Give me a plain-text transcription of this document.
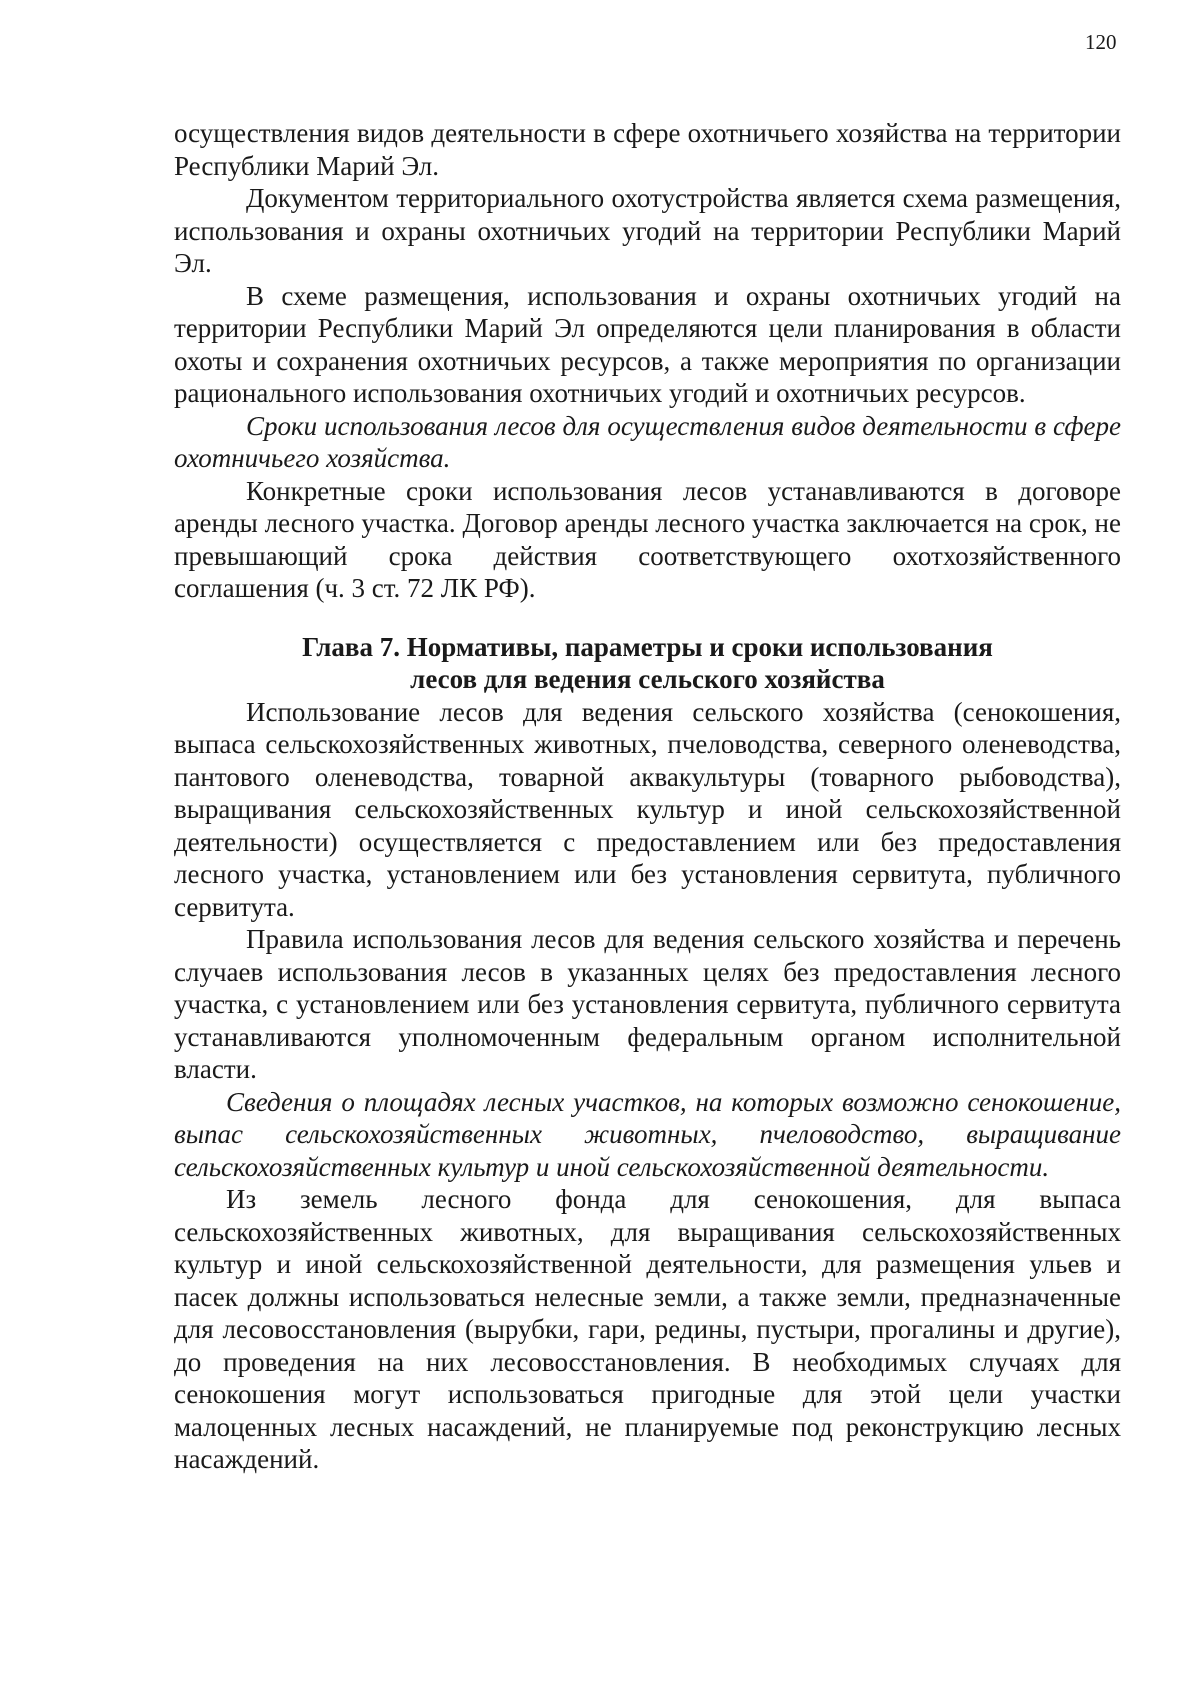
120

осуществления видов деятельности в сфере охотничьего хозяйства на территории Республики Марий Эл.

Документом территориального охотустройства является схема размещения, использования и охраны охотничьих угодий на территории Республики Марий Эл.

В схеме размещения, использования и охраны охотничьих угодий на территории Республики Марий Эл определяются цели планирования в области охоты и сохранения охотничьих ресурсов, а также мероприятия по организации рационального использования охотничьих угодий и охотничьих ресурсов.

Сроки использования лесов для осуществления видов деятельности в сфере охотничьего хозяйства.

Конкретные сроки использования лесов устанавливаются в договоре аренды лесного участка. Договор аренды лесного участка заключается на срок, не превышающий срока действия соответствующего охотхозяйственного соглашения (ч. 3 ст. 72 ЛК РФ).

Глава 7. Нормативы, параметры и сроки использования
лесов для ведения сельского хозяйства

Использование лесов для ведения сельского хозяйства (сенокошения, выпаса сельскохозяйственных животных, пчеловодства, северного оленеводства, пантового оленеводства, товарной аквакультуры (товарного рыбоводства), выращивания сельскохозяйственных культур и иной сельскохозяйственной деятельности) осуществляется с предоставлением или без предоставления лесного участка, установлением или без установления сервитута, публичного сервитута.

Правила использования лесов для ведения сельского хозяйства и перечень случаев использования лесов в указанных целях без предоставления лесного участка, с установлением или без установления сервитута, публичного сервитута устанавливаются уполномоченным федеральным органом исполнительной власти.

Сведения о площадях лесных участков, на которых возможно сенокошение, выпас сельскохозяйственных животных, пчеловодство, выращивание сельскохозяйственных культур и иной сельскохозяйственной деятельности.

Из земель лесного фонда для сенокошения, для выпаса сельскохозяйственных животных, для выращивания сельскохозяйственных культур и иной сельскохозяйственной деятельности, для размещения ульев и пасек должны использоваться нелесные земли, а также земли, предназначенные для лесовосстановления (вырубки, гари, редины, пустыри, прогалины и другие), до проведения на них лесовосстановления. В необходимых случаях для сенокошения могут использоваться пригодные для этой цели участки малоценных лесных насаждений, не планируемые под реконструкцию лесных насаждений.
